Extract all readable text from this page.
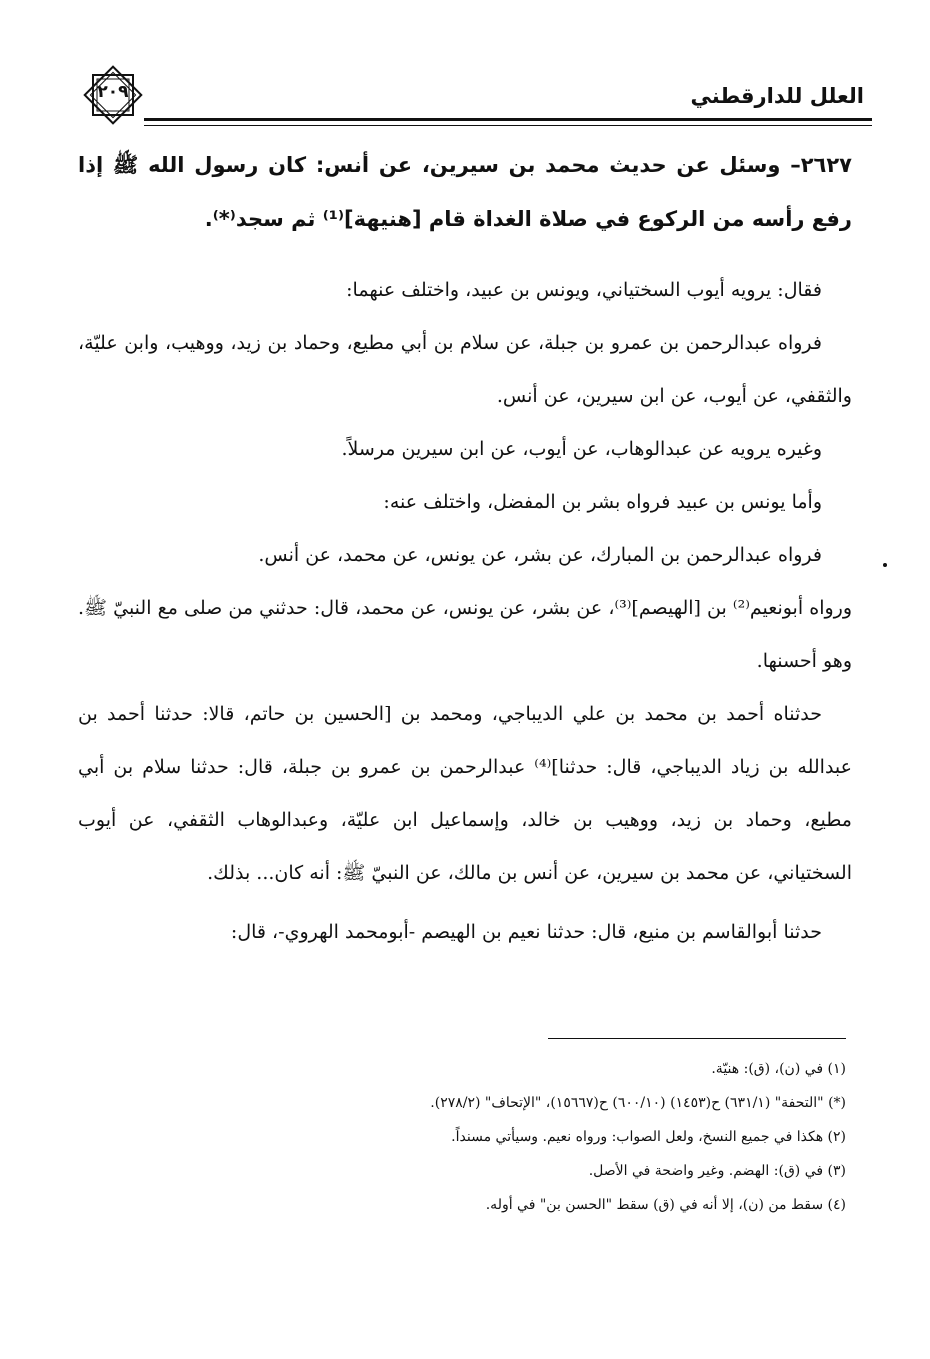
٢٠٩	العلل للدارقطني

٢٦٢٧– وسئل عن حديث محمد بن سيرين، عن أنس: كان رسول الله ﷺ إذا رفع رأسه من الركوع في صلاة الغداة قام [هنيهة]⁽¹⁾ ثم سجد⁽*⁾.

فقال: يرويه أيوب السختياني، ويونس بن عبيد، واختلف عنهما:

فرواه عبدالرحمن بن عمرو بن جبلة، عن سلام بن أبي مطيع، وحماد بن زيد، ووهيب، وابن عليّة، والثقفي، عن أيوب، عن ابن سيرين، عن أنس.

وغيره يرويه عن عبدالوهاب، عن أيوب، عن ابن سيرين مرسلاً.

وأما يونس بن عبيد فرواه بشر بن المفضل، واختلف عنه:

فرواه عبدالرحمن بن المبارك، عن بشر، عن يونس، عن محمد، عن أنس.

ورواه أبونعيم⁽²⁾ بن [الهيصم]⁽³⁾، عن بشر، عن يونس، عن محمد، قال: حدثني من صلى مع النبيّ ﷺ. وهو أحسنها.

حدثناه أحمد بن محمد بن علي الديباجي، ومحمد بن [الحسين بن حاتم، قالا: حدثنا أحمد بن عبدالله بن زياد الديباجي، قال: حدثنا]⁽⁴⁾ عبدالرحمن بن عمرو بن جبلة، قال: حدثنا سلام بن أبي مطيع، وحماد بن زيد، ووهيب بن خالد، وإسماعيل ابن عليّة، وعبدالوهاب الثقفي، عن أيوب السختياني، عن محمد بن سيرين، عن أنس بن مالك، عن النبيّ ﷺ: أنه كان... بذلك.

حدثنا أبوالقاسم بن منيع، قال: حدثنا نعيم بن الهيصم -أبومحمد الهروي-، قال:

(١) في (ن)، (ق): هنيّة.

(*) "التحفة" (٦٣١/١) ح(١٤٥٣) (٦٠٠/١٠) ح(١٥٦٦٧)، "الإتحاف" (٢٧٨/٢).

(٢) هكذا في جميع النسخ، ولعل الصواب: ورواه نعيم. وسيأتي مسنداً.

(٣) في (ق): الهضم. وغير واضحة في الأصل.

(٤) سقط من (ن)، إلا أنه في (ق) سقط "الحسن بن" في أوله.
